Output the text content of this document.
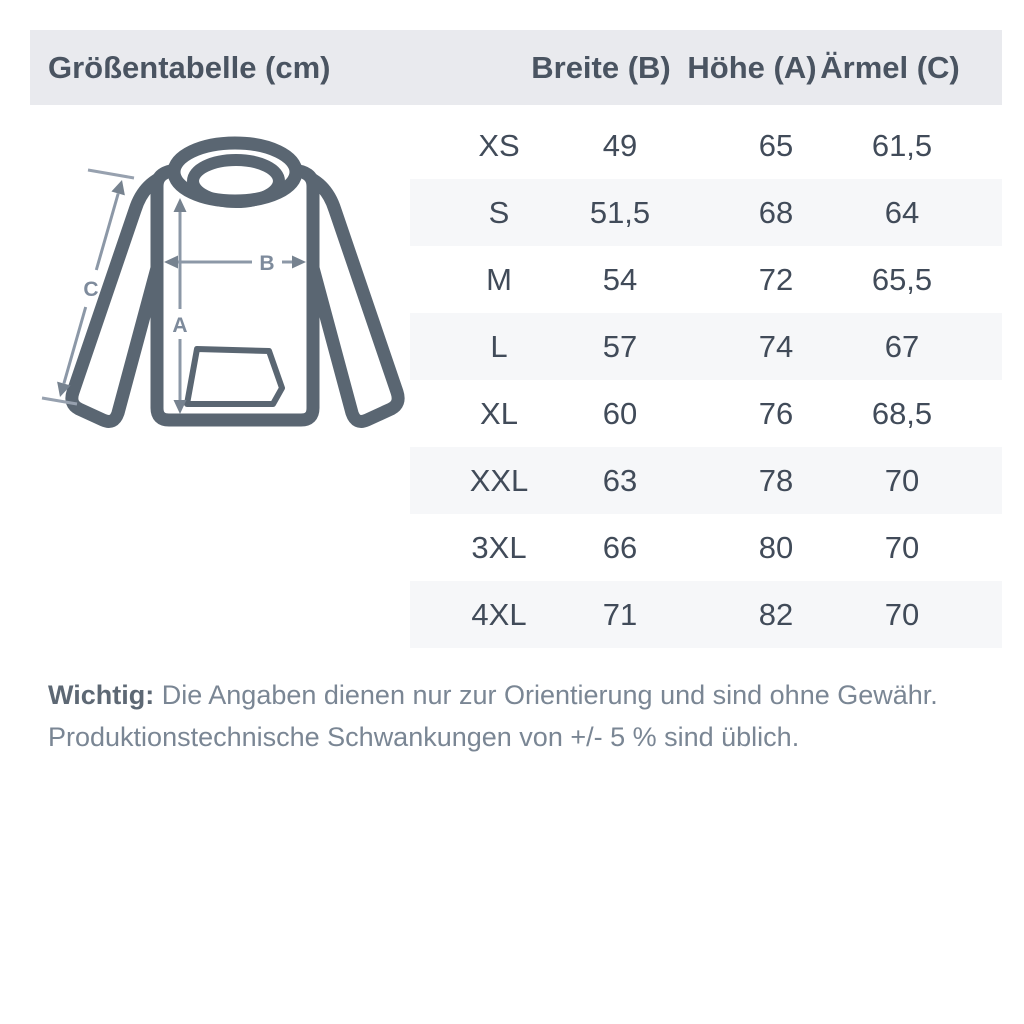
Größentabelle (cm)	Breite (B) Höhe (A) Ärmel (C)
XS	49	65	61,5
S	51,5	68	64
M	54	72	65,5
L	57	74	67
XL	60	76	68,5
XXL 63	78	70
3XL 66	80	70
4XL 71	82	70
A
B
C

Wichtig: Die Angaben dienen nur zur Orientierung und sind ohne Gewähr.
Produktionstechnische Schwankungen von +/- 5 % sind üblich.
